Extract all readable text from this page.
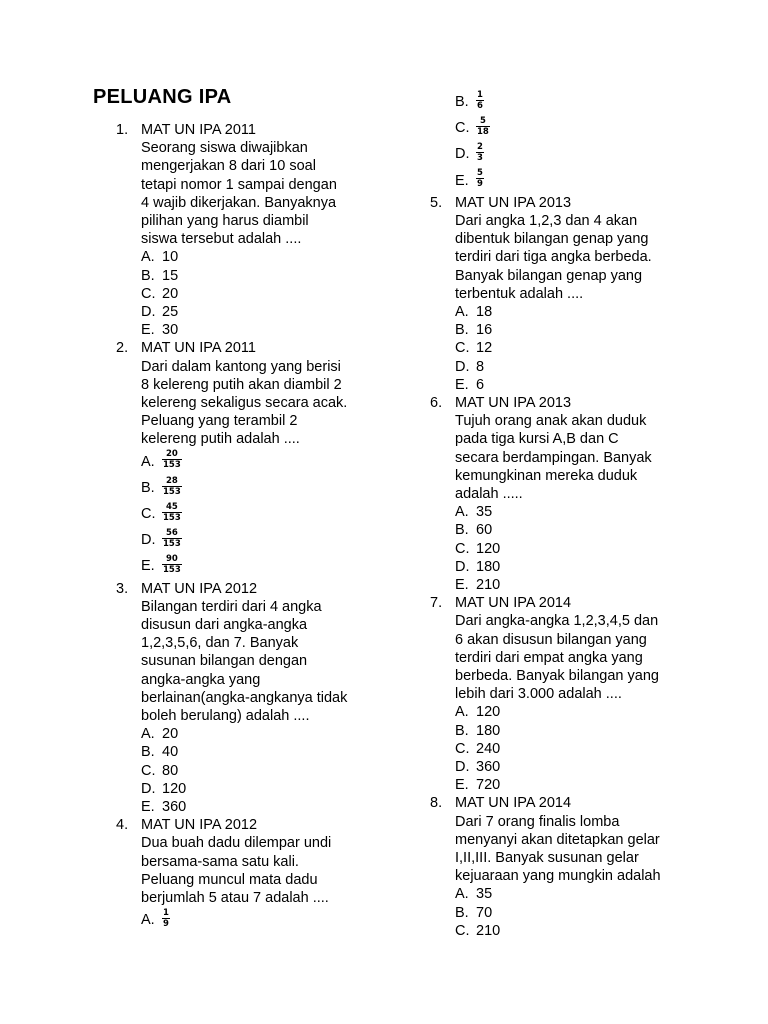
PELUANG IPA
1. MAT UN IPA 2011
Seorang siswa diwajibkan
mengerjakan 8 dari 10 soal
tetapi nomor 1 sampai dengan
4 wajib dikerjakan. Banyaknya
pilihan yang harus diambil
siswa tersebut adalah ....
A. 10
B. 15
C. 20
D. 25
E. 30
2. MAT UN IPA 2011
Dari dalam kantong yang berisi
8 kelereng putih akan diambil 2
kelereng sekaligus secara acak.
Peluang yang terambil 2
kelereng putih adalah ....
A. $\frac{20}{153}$
B. $\frac{28}{153}$
C. $\frac{45}{153}$
D. $\frac{56}{153}$
E. $\frac{90}{153}$
3. MAT UN IPA 2012
Bilangan terdiri dari 4 angka
disusun dari angka-angka
1,2,3,5,6, dan 7. Banyak
susunan bilangan dengan
angka-angka yang
berlainan(angka-angkanya tidak
boleh berulang) adalah ....
A. 20
B. 40
C. 80
D. 120
E. 360
4. MAT UN IPA 2012
Dua buah dadu dilempar undi
bersama-sama satu kali.
Peluang muncul mata dadu
berjumlah 5 atau 7 adalah ....
A. $\frac{1}{9}$
B. $\frac{1}{6}$
C. $\frac{5}{18}$
D. $\frac{2}{3}$
E. $\frac{5}{9}$
5. MAT UN IPA 2013
Dari angka 1,2,3 dan 4 akan
dibentuk bilangan genap yang
terdiri dari tiga angka berbeda.
Banyak bilangan genap yang
terbentuk adalah ....
A. 18
B. 16
C. 12
D. 8
E. 6
6. MAT UN IPA 2013
Tujuh orang anak akan duduk
pada tiga kursi A,B dan C
secara berdampingan. Banyak
kemungkinan mereka duduk
adalah .....
A. 35
B. 60
C. 120
D. 180
E. 210
7. MAT UN IPA 2014
Dari angka-angka 1,2,3,4,5 dan
6 akan disusun bilangan yang
terdiri dari empat angka yang
berbeda. Banyak bilangan yang
lebih dari 3.000 adalah ....
A. 120
B. 180
C. 240
D. 360
E. 720
8. MAT UN IPA 2014
Dari 7 orang finalis lomba
menyanyi akan ditetapkan gelar
I,II,III. Banyak susunan gelar
kejuaraan yang mungkin adalah
A. 35
B. 70
C. 210
